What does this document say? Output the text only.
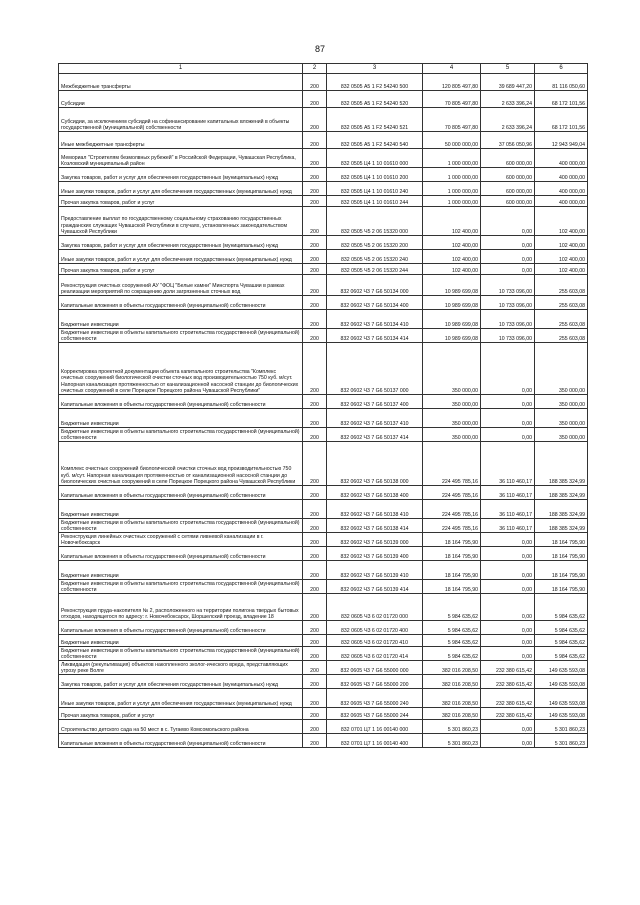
87
1	2	3	4	5	6
Межбюджетные трансферты	200	832 0505 А5 1 F2 54240 500	120 805 497,80	39 689 447,20	81 116 050,60
Субсидии	200	832 0505 А5 1 F2 54240 520	70 805 497,80	2 633 396,24	68 172 101,56
Субсидии, за исключением субсидий на софинансирование капитальных вложений в объекты государственной (муниципальной) собственности	200	832 0505 А5 1 F2 54240 521	70 805 497,80	2 633 396,24	68 172 101,56
Иные межбюджетные трансферты	200	832 0505 А5 1 F2 54240 540	50 000 000,00	37 056 050,96	12 943 949,04
Мемориал "Строителям безмолвных рубежей" в Российской Федерации, Чувашская Республика, Козловский муниципальный район	200	832 0505 Ц4 1 10 01610 000	1 000 000,00	600 000,00	400 000,00
Закупка товаров, работ и услуг для обеспечения государственных (муниципальных) нужд	200	832 0505 Ц4 1 10 01610 200	1 000 000,00	600 000,00	400 000,00
Иные закупки товаров, работ и услуг для обеспечения государственных (муниципальных) нужд	200	832 0505 Ц4 1 10 01610 240	1 000 000,00	600 000,00	400 000,00
Прочая закупка товаров, работ и услуг	200	832 0505 Ц4 1 10 01610 244	1 000 000,00	600 000,00	400 000,00
Предоставление выплат по государственному социальному страхованию государственных гражданских служащих Чувашской Республики в случаях, установленных законодательством Чувашской Республики	200	832 0505 Ч5 2 06 15320 000	102 400,00	0,00	102 400,00
Закупка товаров, работ и услуг для обеспечения государственных (муниципальных) нужд	200	832 0505 Ч5 2 06 15320 200	102 400,00	0,00	102 400,00
Иные закупки товаров, работ и услуг для обеспечения государственных (муниципальных) нужд	200	832 0505 Ч5 2 06 15320 240	102 400,00	0,00	102 400,00
Прочая закупка товаров, работ и услуг	200	832 0505 Ч5 2 06 15320 244	102 400,00	0,00	102 400,00
Реконструкция очистных сооружений АУ "ФОЦ "Белые камни" Минспорта Чувашии в рамках реализации мероприятий по сокращению доли загрязненных сточных вод	200	832 0602 Ч3 7 G6 50134 000	10 989 699,08	10 733 096,00	255 603,08
Капитальные вложения в объекты государственной (муниципальной) собственности	200	832 0602 Ч3 7 G6 50134 400	10 989 699,08	10 733 096,00	255 603,08
Бюджетные инвестиции	200	832 0602 Ч3 7 G6 50134 410	10 989 699,08	10 733 096,00	255 603,08
Бюджетные инвестиции в объекты капитального строительства государственной (муниципальной) собственности	200	832 0602 Ч3 7 G6 50134 414	10 989 699,08	10 733 096,00	255 603,08
Корректировка проектной документации объекта капитального строительства "Комплекс очистных сооружений биологической очистки сточных вод производительностью 750 куб. м/сут. Напорная канализация протяженностью от канализационной насосной станции до биологических очистных сооружений в селе Порецкое Порецкого района Чувашской Республики"	200	832 0602 Ч3 7 G6 50137 000	350 000,00	0,00	350 000,00
Капитальные вложения в объекты государственной (муниципальной) собственности	200	832 0602 Ч3 7 G6 50137 400	350 000,00	0,00	350 000,00
Бюджетные инвестиции	200	832 0602 Ч3 7 G6 50137 410	350 000,00	0,00	350 000,00
Бюджетные инвестиции в объекты капитального строительства государственной (муниципальной) собственности	200	832 0602 Ч3 7 G6 50137 414	350 000,00	0,00	350 000,00
Комплекс очистных сооружений биологической очистки сточных вод производительностью 750 куб. м/сут. Напорная канализация протяженностью от канализационной насосной станции до биологических очистных сооружений в селе Порецкое Порецкого района Чувашской Республики	200	832 0602 Ч3 7 G6 50138 000	224 495 785,16	36 110 460,17	188 385 324,99
Капитальные вложения в объекты государственной (муниципальной) собственности	200	832 0602 Ч3 7 G6 50138 400	224 495 785,16	36 110 460,17	188 385 324,99
Бюджетные инвестиции	200	832 0602 Ч3 7 G6 50138 410	224 495 785,16	36 110 460,17	188 385 324,99
Бюджетные инвестиции в объекты капитального строительства государственной (муниципальной) собственности	200	832 0602 Ч3 7 G6 50138 414	224 495 785,16	36 110 460,17	188 385 324,99
Реконструкция линейных очистных сооружений с сетями ливневой канализации в г. Новочебоксарск	200	832 0602 Ч3 7 G6 50139 000	18 164 795,90	0,00	18 164 795,90
Капитальные вложения в объекты государственной (муниципальной) собственности	200	832 0602 Ч3 7 G6 50139 400	18 164 795,90	0,00	18 164 795,90
Бюджетные инвестиции	200	832 0602 Ч3 7 G6 50139 410	18 164 795,90	0,00	18 164 795,90
Бюджетные инвестиции в объекты капитального строительства государственной (муниципальной) собственности	200	832 0602 Ч3 7 G6 50139 414	18 164 795,90	0,00	18 164 795,90
Реконструкция пруда-накопителя № 2, расположенного на территории полигона твердых бытовых отходов, находящегося по адресу: г. Новочебоксарск, Шоршелский проезд, владение 18	200	832 0605 Ч3 6 02 01720 000	5 984 635,62	0,00	5 984 635,62
Капитальные вложения в объекты государственной (муниципальной) собственности	200	832 0605 Ч3 6 02 01720 400	5 984 635,62	0,00	5 984 635,62
Бюджетные инвестиции	200	832 0605 Ч3 6 02 01720 410	5 984 635,62	0,00	5 984 635,62
Бюджетные инвестиции в объекты капитального строительства государственной (муниципальной) собственности	200	832 0605 Ч3 6 02 01720 414	5 984 635,62	0,00	5 984 635,62
Ликвидация (рекультивация) объектов накопленного эколог-ического вреда, представляющих угрозу реке Волге	200	832 0605 Ч3 7 G6 55000 000	382 016 208,50	232 380 615,42	149 635 593,08
Закупка товаров, работ и услуг для обеспечения государственных (муниципальных) нужд	200	832 0605 Ч3 7 G6 55000 200	382 016 208,50	232 380 615,42	149 635 593,08
Иные закупки товаров, работ и услуг для обеспечения государственных (муниципальных) нужд	200	832 0605 Ч3 7 G6 55000 240	382 016 208,50	232 380 615,42	149 635 593,08
Прочая закупка товаров, работ и услуг	200	832 0605 Ч3 7 G6 55000 244	382 016 208,50	232 380 615,42	149 635 593,08
Строительство детского сада на 50 мест в с. Тугаево Комсомольского района	200	832 0701 Ц7 1 16 00140 000	5 301 860,23	0,00	5 301 860,23
Капитальные вложения в объекты государственной (муниципальной) собственности	200	832 0701 Ц7 1 16 00140 400	5 301 860,23	0,00	5 301 860,23
